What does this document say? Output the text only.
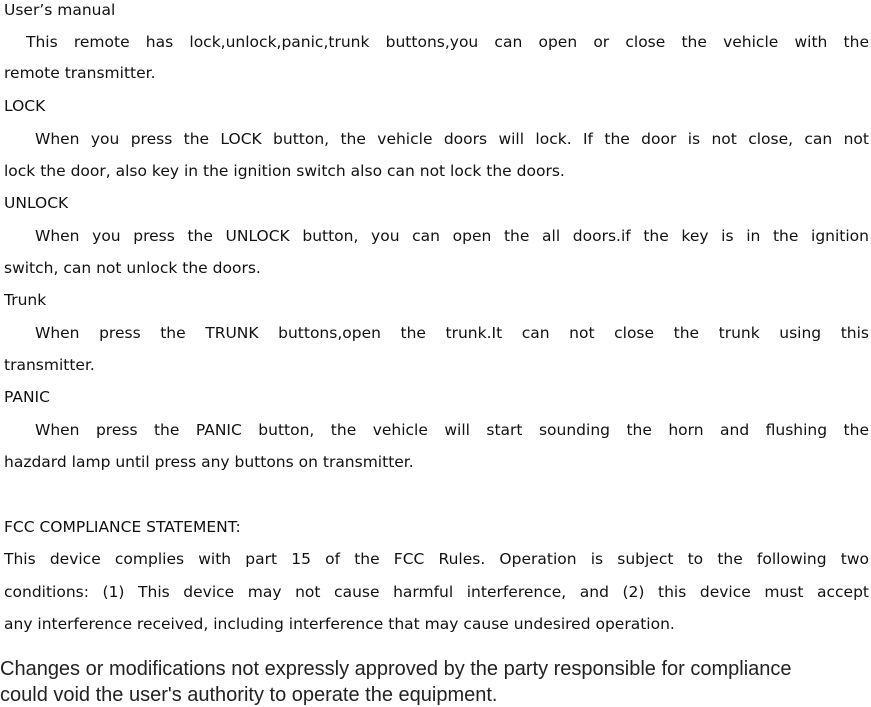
User’s manual
This remote has lock,unlock,panic,trunk buttons,you can open or close the vehicle with the
remote transmitter.
LOCK
When you press the LOCK button, the vehicle doors will lock. If the door is not close, can not
lock the door, also key in the ignition switch also can not lock the doors.
UNLOCK
When you press the UNLOCK button, you can open the all doors.if the key is in the ignition
switch, can not unlock the doors.
Trunk
When press the TRUNK buttons,open the trunk.It can not close the trunk using this
transmitter.
PANIC
When press the PANIC button, the vehicle will start sounding the horn and flushing the
hazdard lamp until press any buttons on transmitter.
FCC COMPLIANCE STATEMENT:
This device complies with part 15 of the FCC Rules. Operation is subject to the following two
conditions: (1) This device may not cause harmful interference, and (2) this device must accept
any interference received, including interference that may cause undesired operation.
Changes or modifications not expressly approved by the party responsible for compliance
could void the user's authority to operate the equipment.
